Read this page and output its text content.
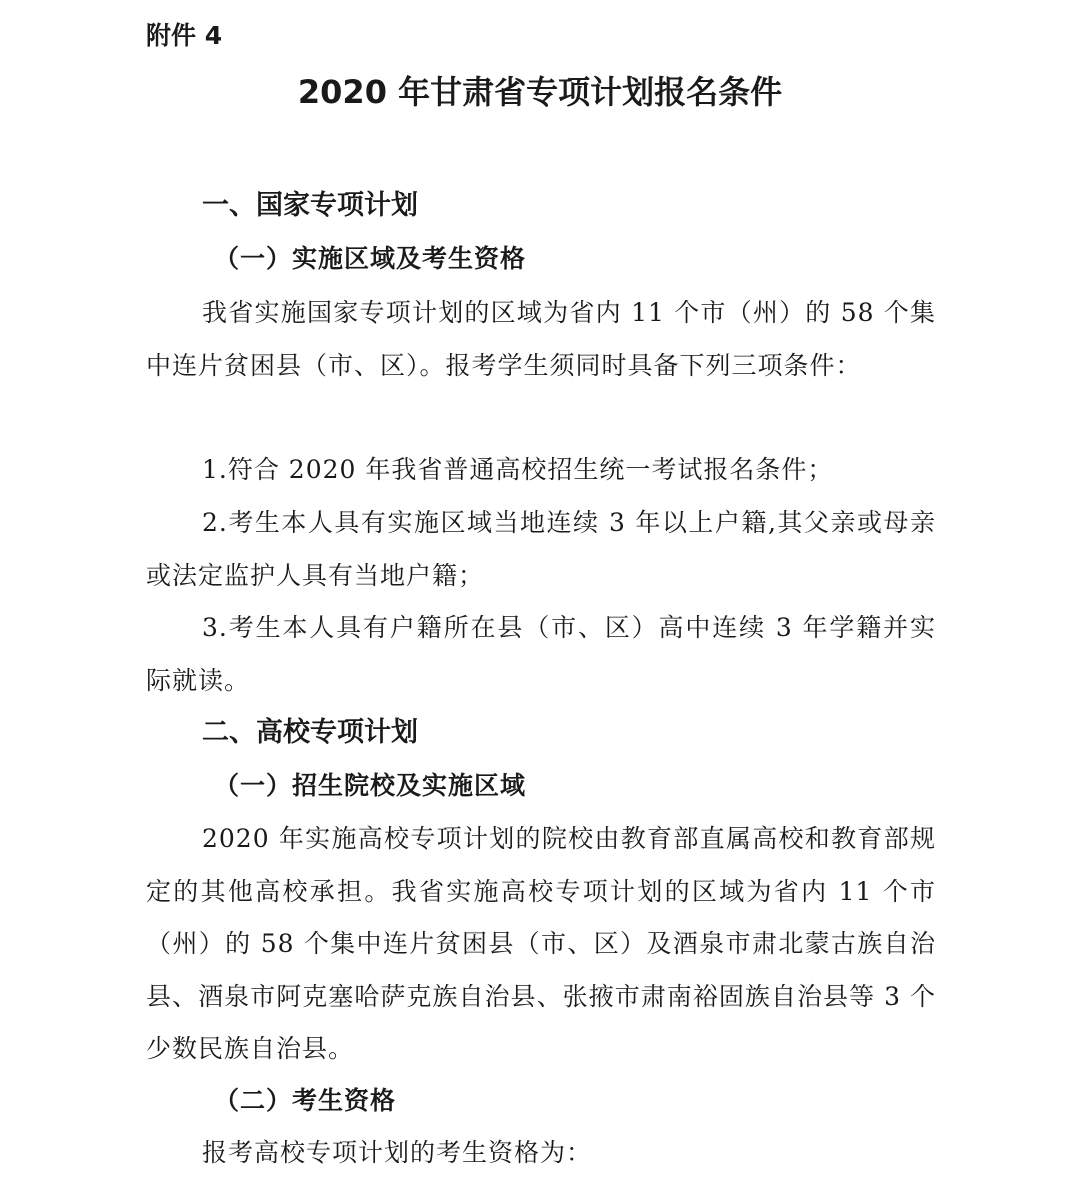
附件 4
2020 年甘肃省专项计划报名条件
一、国家专项计划
（一）实施区域及考生资格
我省实施国家专项计划的区域为省内 11 个市（州）的 58 个集中连片贫困县（市、区）。报考学生须同时具备下列三项条件：
1.符合 2020 年我省普通高校招生统一考试报名条件；
2.考生本人具有实施区域当地连续 3 年以上户籍,其父亲或母亲或法定监护人具有当地户籍；
3.考生本人具有户籍所在县（市、区）高中连续 3 年学籍并实际就读。
二、高校专项计划
（一）招生院校及实施区域
2020 年实施高校专项计划的院校由教育部直属高校和教育部规定的其他高校承担。我省实施高校专项计划的区域为省内 11 个市（州）的 58 个集中连片贫困县（市、区）及酒泉市肃北蒙古族自治县、酒泉市阿克塞哈萨克族自治县、张掖市肃南裕固族自治县等 3 个少数民族自治县。
（二）考生资格
报考高校专项计划的考生资格为：
